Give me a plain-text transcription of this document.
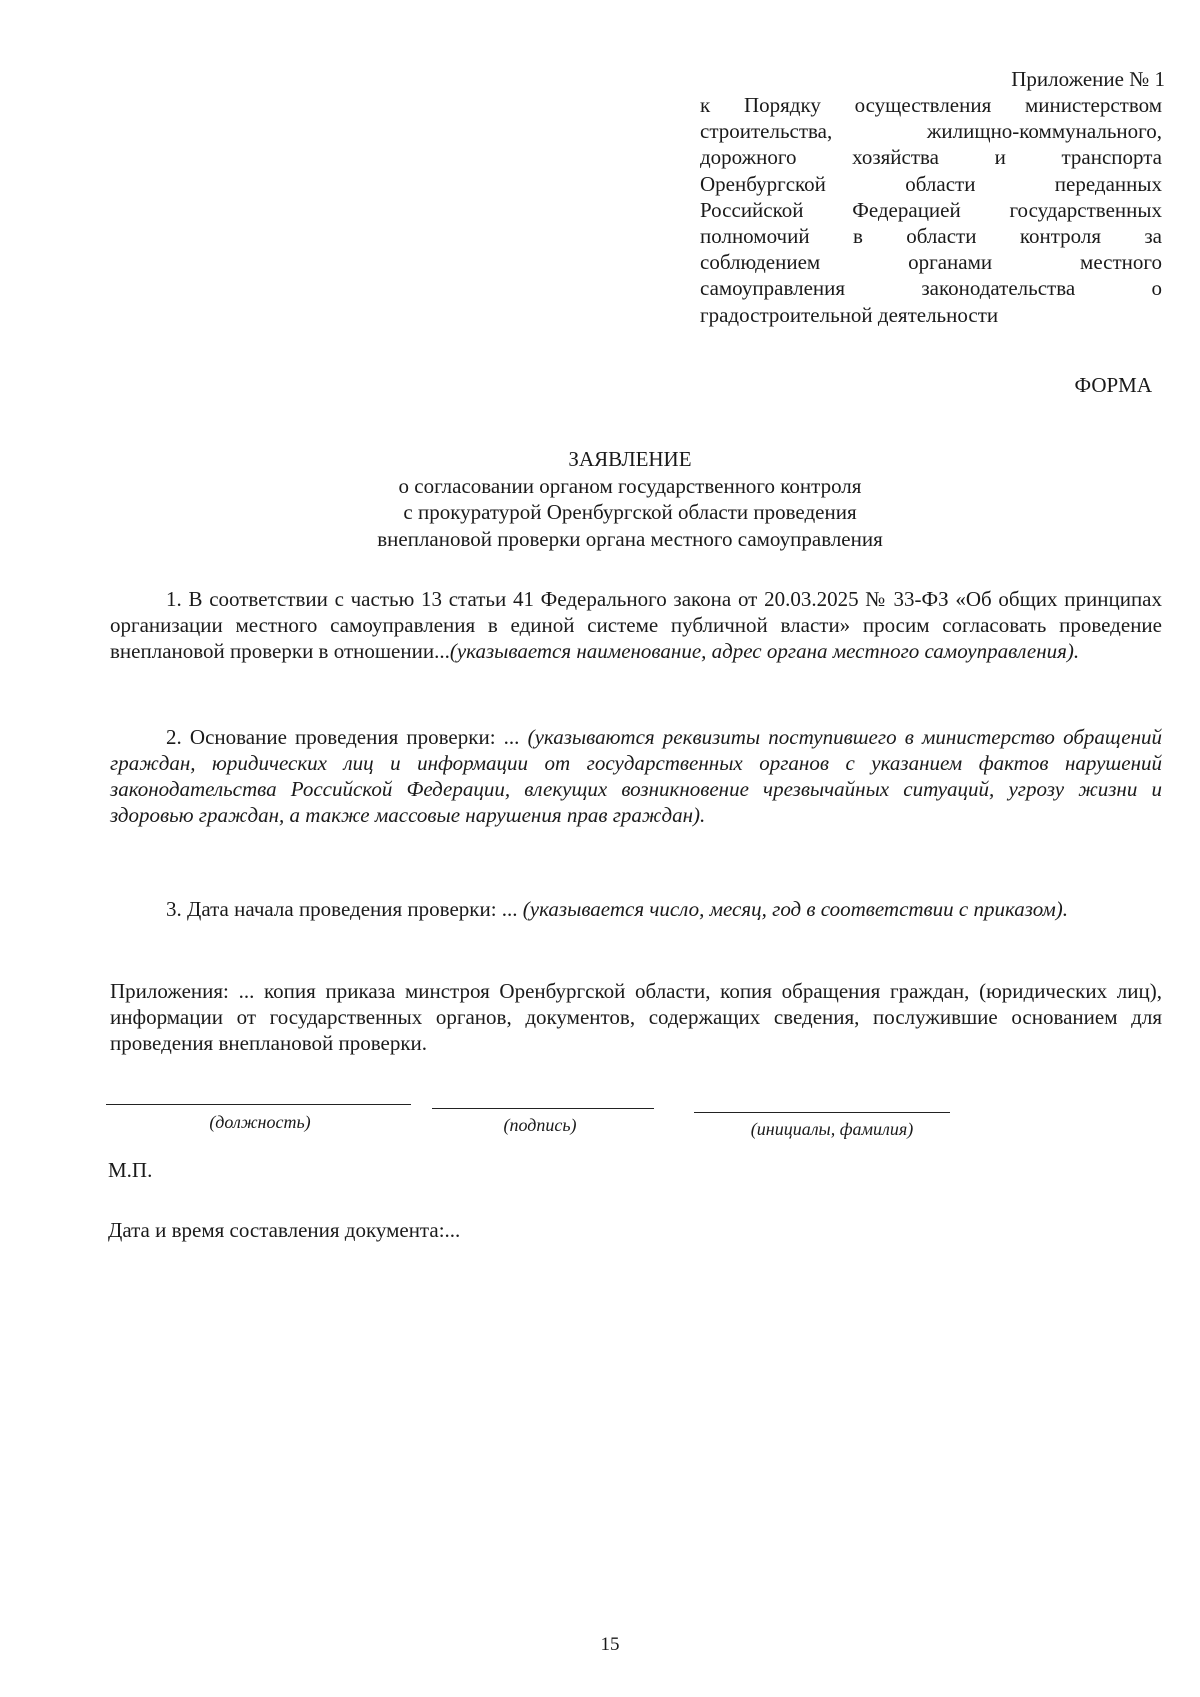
Приложение № 1
к Порядку осуществления министерством
строительства, жилищно-коммунального,
дорожного хозяйства и транспорта
Оренбургской области переданных
Российской Федерацией государственных
полномочий в области контроля за
соблюдением органами местного
самоуправления законодательства о
градостроительной деятельности
ФОРМА
ЗАЯВЛЕНИЕ
о согласовании органом государственного контроля
с прокуратурой Оренбургской области проведения
внеплановой проверки органа местного самоуправления
1. В соответствии с частью 13 статьи 41 Федерального закона от 20.03.2025 № 33-ФЗ «Об общих принципах организации местного самоуправления в единой системе публичной власти» просим согласовать проведение внеплановой проверки в отношении...(указывается наименование, адрес органа местного самоуправления).
2. Основание проведения проверки: ... (указываются реквизиты поступившего в министерство обращений граждан, юридических лиц и информации от государственных органов с указанием фактов нарушений законодательства Российской Федерации, влекущих возникновение чрезвычайных ситуаций, угрозу жизни и здоровью граждан, а также массовые нарушения прав граждан).
3. Дата начала проведения проверки: ... (указывается число, месяц, год в соответствии с приказом).
Приложения: ... копия приказа минстроя Оренбургской области, копия обращения граждан, (юридических лиц), информации от государственных органов, документов, содержащих сведения, послужившие основанием для проведения внеплановой проверки.
(должность)	(подпись)	(инициалы, фамилия)
М.П.
Дата и время составления документа:...
15
